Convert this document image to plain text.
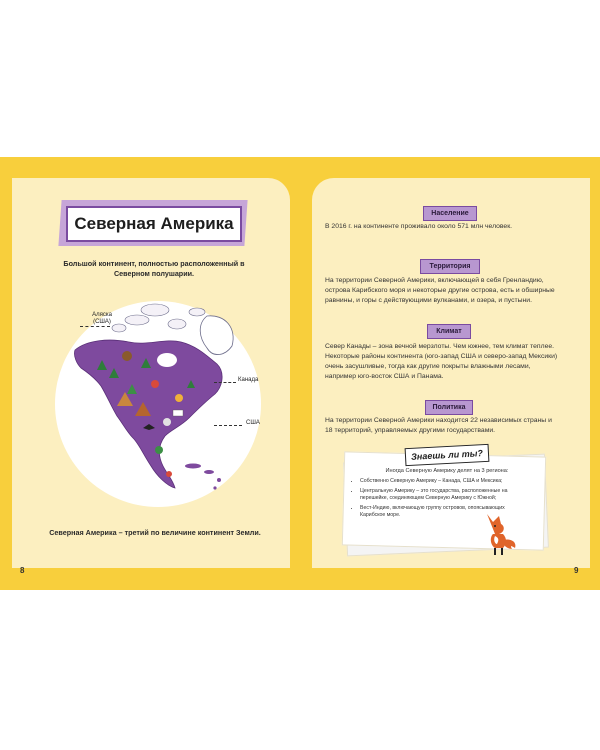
Северная Америка
Большой континент, полностью расположенный в Северном полушарии.
Аляска
(США)
Канада
США
Северная Америка – третий по величине континент Земли.
8
Население
В 2016 г. на континенте проживало около 571 млн человек.
Территория
На территории Северной Америки, включающей в себя Гренландию, острова Карибского моря и некоторые другие острова, есть и обширные равнины, и горы с действующими вулканами, и озера, и пустыни.
Климат
Север Канады – зона вечной мерзлоты. Чем южнее, тем климат теплее. Некоторые районы континента (юго-запад США и северо-запад Мексики) очень засушливые, тогда как другие покрыты влажными лесами, например юго-восток США и Панама.
Политика
На территории Северной Америки находится 22 независимых страны и 18 территорий, управляемых другими государствами.
Знаешь ли ты?
Иногда Северную Америку делят на 3 региона:
• Собственно Северную Америку – Канада, США и Мексика;
• Центральную Америку – это государства, расположенные на перешейке, соединяющем Северную Америку с Южной;
• Вест-Индию, включающую группу островов, опоясывающих Карибское море.
9
